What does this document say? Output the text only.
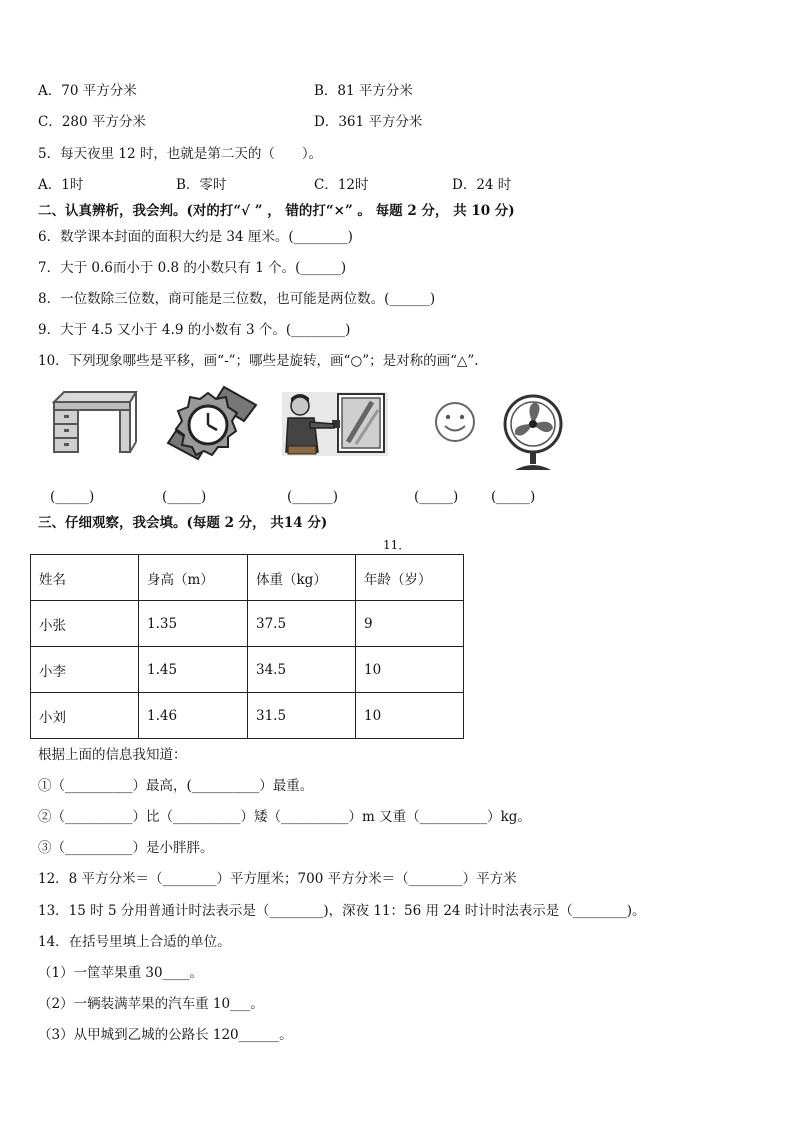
A．70 平方分米	B．81 平方分米
C．280 平方分米	D．361 平方分米
5．每天夜里 12 时，也就是第二天的（　　）。
A．1时	B．零时	C．12时	D．24 时
二、认真辨析，我会判。(对的打“√ ” ， 错的打“×” 。 每题 2 分， 共 10 分)
6．数学课本封面的面积大约是 34 厘米。(________)
7．大于 0.6而小于 0.8 的小数只有 1 个。(______)
8．一位数除三位数，商可能是三位数，也可能是两位数。(______)
9．大于 4.5 又小于 4.9 的小数有 3 个。(________)
10．下列现象哪些是平移，画“-”；哪些是旋转，画“○”；是对称的画“△”.
(_____)	(_____)	(______)	(_____) (_____)
三、仔细观察，我会填。(每题 2 分， 共14 分)
11．
姓名	身高（m）	体重（kg）	年龄（岁）
小张	1.35	37.5	9
小李	1.45	34.5	10
小刘	1.46	31.5	10
根据上面的信息我知道：
①（__________）最高，(__________）最重。
②（__________）比（__________）矮（__________）m 又重（__________）kg。
③（__________）是小胖胖。
12．8 平方分米＝（________）平方厘米；700 平方分米＝（________）平方米
13．15 时 5 分用普通计时法表示是（________)，深夜 11：56 用 24 时计时法表示是（________)。
14．在括号里填上合适的单位。
（1）一筐苹果重 30____。
（2）一辆装满苹果的汽车重 10___。
（3）从甲城到乙城的公路长 120______。
